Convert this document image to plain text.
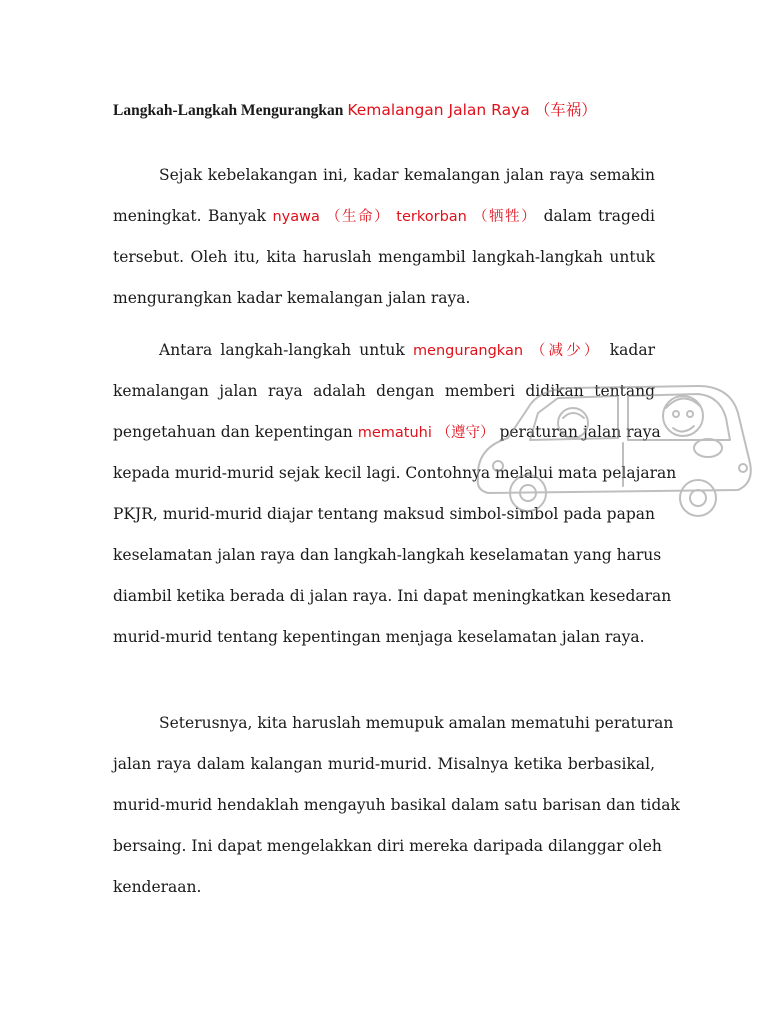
Langkah-Langkah Mengurangkan Kemalangan Jalan Raya （车祸）
Sejak kebelakangan ini, kadar kemalangan jalan raya semakin
meningkat. Banyak nyawa （生命） terkorban （牺牲） dalam tragedi
tersebut. Oleh itu, kita haruslah mengambil langkah-langkah untuk
mengurangkan kadar kemalangan jalan raya.
Antara langkah-langkah untuk mengurangkan （减少） kadar
kemalangan jalan raya adalah dengan memberi didikan tentang
pengetahuan dan kepentingan mematuhi （遵守） peraturan jalan raya
kepada murid-murid sejak kecil lagi. Contohnya melalui mata pelajaran
PKJR, murid-murid diajar tentang maksud simbol-simbol pada papan
keselamatan jalan raya dan langkah-langkah keselamatan yang harus
diambil ketika berada di jalan raya. Ini dapat meningkatkan kesedaran
murid-murid tentang kepentingan menjaga keselamatan jalan raya.
Seterusnya, kita haruslah memupuk amalan mematuhi peraturan
jalan raya dalam kalangan murid-murid. Misalnya ketika berbasikal,
murid-murid hendaklah mengayuh basikal dalam satu barisan dan tidak
bersaing. Ini dapat mengelakkan diri mereka daripada dilanggar oleh
kenderaan.
